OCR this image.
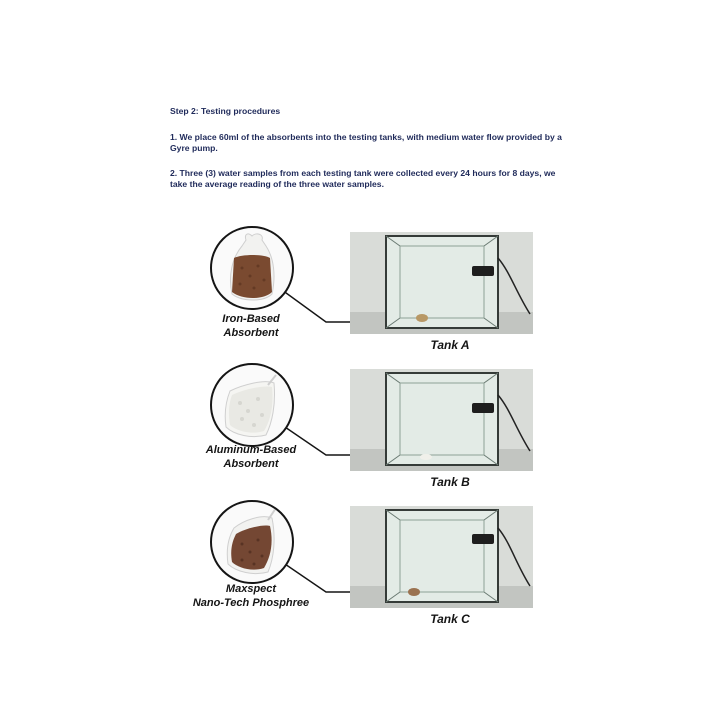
Step 2: Testing procedures

1. We place 60ml of the absorbents into the testing tanks, with medium water flow provided by a Gyre pump.

2. Three (3) water samples from each testing tank were collected every 24 hours for 8 days, we take the average reading of the three water samples.

Iron-Based
Absorbent
Tank A
Aluminum-Based
Absorbent
Tank B
Maxspect
Nano-Tech Phosphree
Tank C
